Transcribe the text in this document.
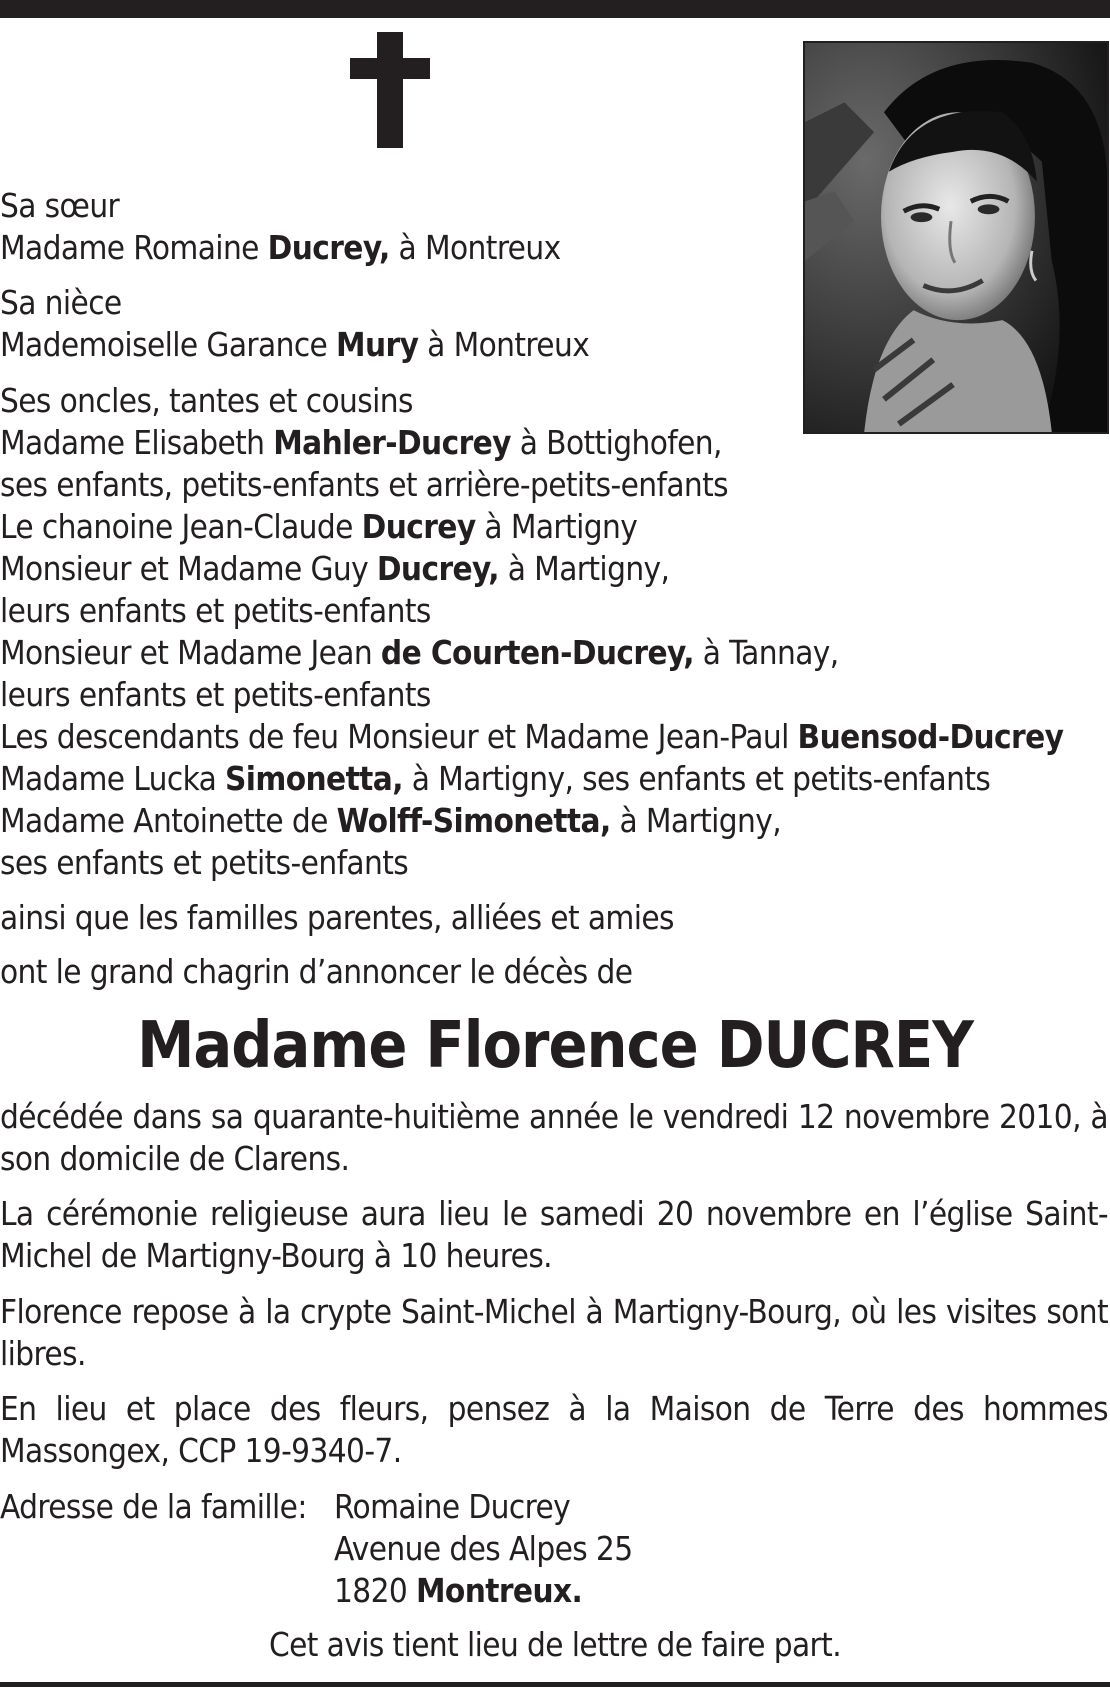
Sa sœur
Madame Romaine Ducrey, à Montreux
Sa nièce
Mademoiselle Garance Mury à Montreux
Ses oncles, tantes et cousins
Madame Elisabeth Mahler-Ducrey à Bottighofen,
ses enfants, petits-enfants et arrière-petits-enfants
Le chanoine Jean-Claude Ducrey à Martigny
Monsieur et Madame Guy Ducrey, à Martigny,
leurs enfants et petits-enfants
Monsieur et Madame Jean de Courten-Ducrey, à Tannay,
leurs enfants et petits-enfants
Les descendants de feu Monsieur et Madame Jean-Paul Buensod-Ducrey
Madame Lucka Simonetta, à Martigny, ses enfants et petits-enfants
Madame Antoinette de Wolff-Simonetta, à Martigny,
ses enfants et petits-enfants
ainsi que les familles parentes, alliées et amies
ont le grand chagrin d’annoncer le décès de
Madame Florence DUCREY
décédée dans sa quarante-huitième année le vendredi 12 novembre 2010, à son domicile de Clarens.
La cérémonie religieuse aura lieu le samedi 20 novembre en l’église Saint-Michel de Martigny-Bourg à 10 heures.
Florence repose à la crypte Saint-Michel à Martigny-Bourg, où les visites sont libres.
En lieu et place des fleurs, pensez à la Maison de Terre des hommes Massongex, CCP 19-9340-7.
Adresse de la famille: Romaine Ducrey
Avenue des Alpes 25
1820 Montreux.
Cet avis tient lieu de lettre de faire part.
